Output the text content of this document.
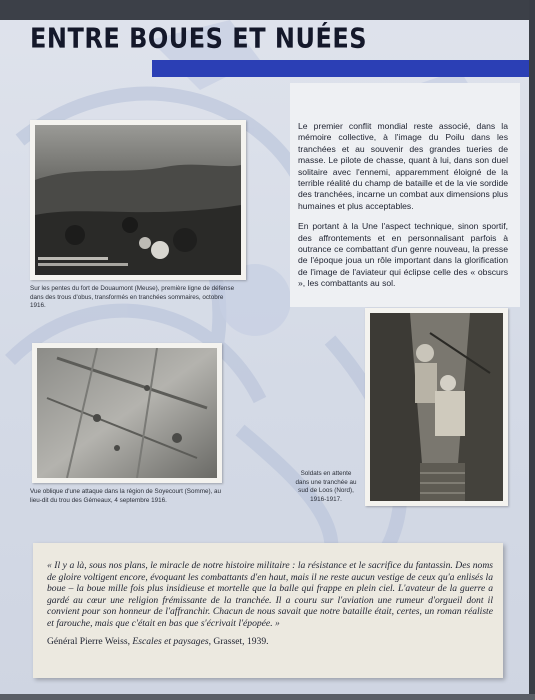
ENTRE BOUES ET NUÉES

Le premier conflit mondial reste associé, dans la mémoire collective, à l'image du Poilu dans les tranchées et au souvenir des grandes tueries de masse. Le pilote de chasse, quant à lui, dans son duel solitaire avec l'ennemi, apparemment éloigné de la terrible réalité du champ de bataille et de la vie sordide des tranchées, incarne un combat aux dimensions plus humaines et plus acceptables.

En portant à la Une l'aspect technique, sinon sportif, des affrontements et en personnalisant parfois à outrance ce combattant d'un genre nouveau, la presse de l'époque joua un rôle important dans la glorification de l'image de l'aviateur qui éclipse celle des « obscurs », les combattants au sol.

Sur les pentes du fort de Douaumont (Meuse), première ligne de défense dans des trous d'obus, transformés en tranchées sommaires, octobre 1916.
Vue oblique d'une attaque dans la région de Soyecourt (Somme), au lieu-dit du trou des Gémeaux, 4 septembre 1916.
Soldats en attente dans une tranchée au sud de Loos (Nord), 1916-1917.
« Il y a là, sous nos plans, le miracle de notre histoire militaire : la résistance et le sacrifice du fantassin. Des noms de gloire voltigent encore, évoquant les combattants d'en haut, mais il ne reste aucun vestige de ceux qu'a enlisés la boue – la boue mille fois plus insidieuse et mortelle que la balle qui frappe en plein ciel. L'avateur de la guerre a gardé au cœur une religion frémissante de la tranchée. Il a couru sur l'aviation une rumeur d'orgueil dont il convient pour son honneur de l'affranchir. Chacun de nous savait que notre bataille était, certes, un roman réaliste et farouche, mais que c'était en bas que s'écrivait l'épopée. »
Général Pierre Weiss, Escales et paysages, Grasset, 1939.
